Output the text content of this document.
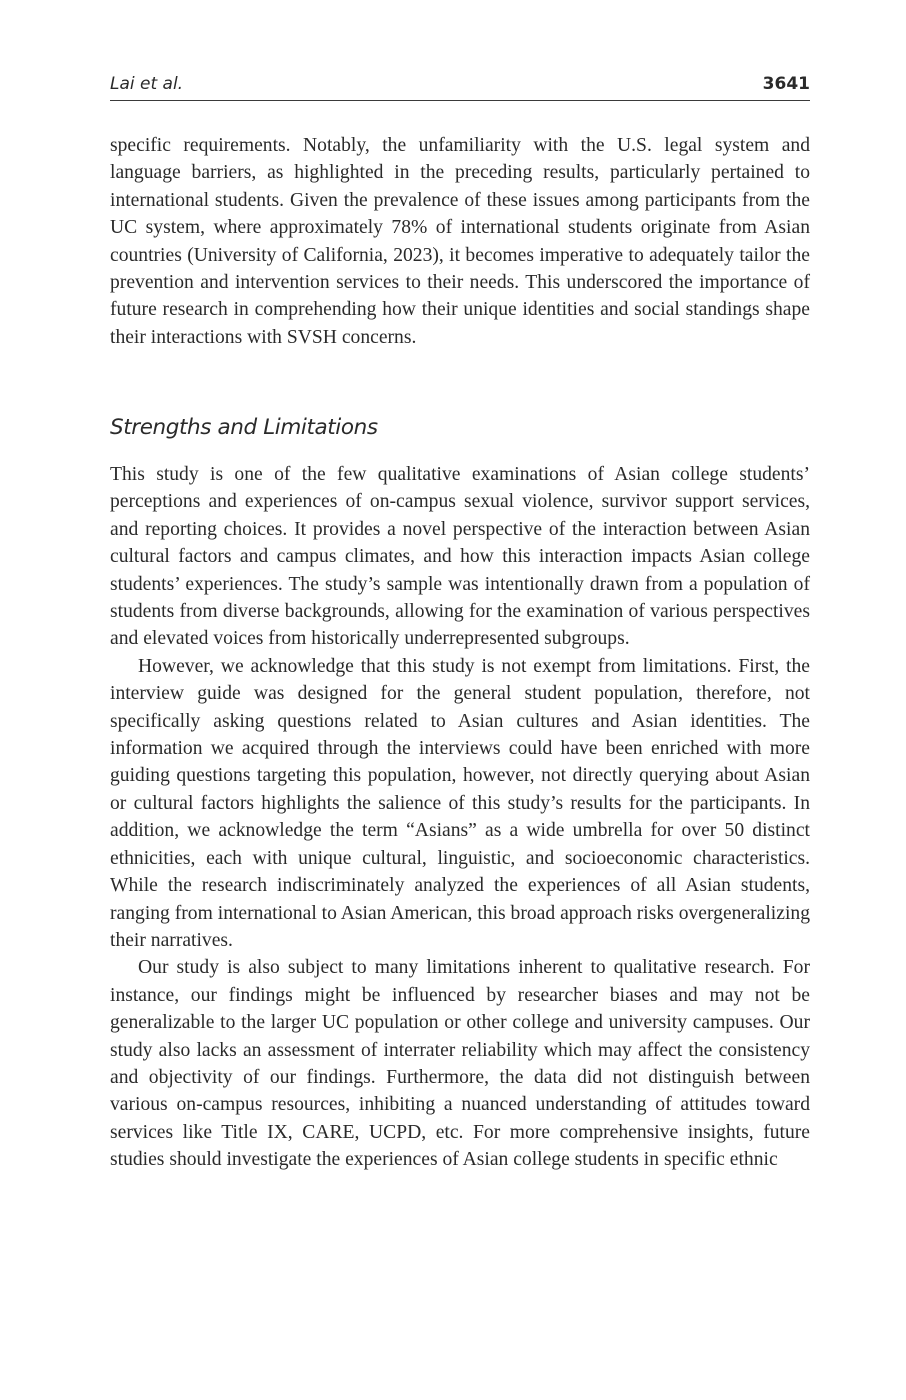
Lai et al.	3641

specific requirements. Notably, the unfamiliarity with the U.S. legal system and language barriers, as highlighted in the preceding results, particularly pertained to international students. Given the prevalence of these issues among participants from the UC system, where approximately 78% of international students originate from Asian countries (University of California, 2023), it becomes imperative to adequately tailor the prevention and intervention services to their needs. This underscored the importance of future research in comprehending how their unique identities and social standings shape their interactions with SVSH concerns.

Strengths and Limitations

This study is one of the few qualitative examinations of Asian college students’ perceptions and experiences of on-campus sexual violence, survivor support services, and reporting choices. It provides a novel perspective of the interaction between Asian cultural factors and campus climates, and how this interaction impacts Asian college students’ experiences. The study’s sample was intentionally drawn from a population of students from diverse backgrounds, allowing for the examination of various perspectives and elevated voices from historically underrepresented subgroups.

However, we acknowledge that this study is not exempt from limitations. First, the interview guide was designed for the general student population, therefore, not specifically asking questions related to Asian cultures and Asian identities. The information we acquired through the interviews could have been enriched with more guiding questions targeting this population, however, not directly querying about Asian or cultural factors highlights the salience of this study’s results for the participants. In addition, we acknowledge the term “Asians” as a wide umbrella for over 50 distinct ethnicities, each with unique cultural, linguistic, and socioeconomic characteristics. While the research indiscriminately analyzed the experiences of all Asian students, ranging from international to Asian American, this broad approach risks overgeneralizing their narratives.

Our study is also subject to many limitations inherent to qualitative research. For instance, our findings might be influenced by researcher biases and may not be generalizable to the larger UC population or other college and university campuses. Our study also lacks an assessment of interrater reliability which may affect the consistency and objectivity of our findings. Furthermore, the data did not distinguish between various on-campus resources, inhibiting a nuanced understanding of attitudes toward services like Title IX, CARE, UCPD, etc. For more comprehensive insights, future studies should investigate the experiences of Asian college students in specific ethnic
